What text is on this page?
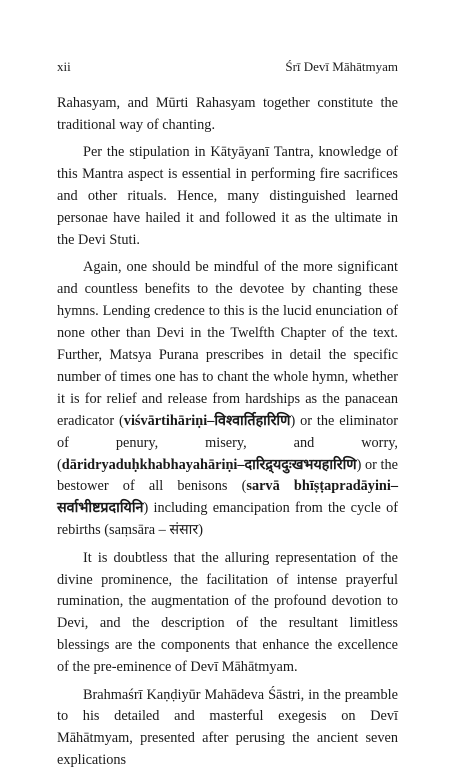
xii	Śrī Devī Māhātmyam

Rahasyam, and Mūrti Rahasyam together constitute the traditional way of chanting.

Per the stipulation in Kātyāyanī Tantra, knowledge of this Mantra aspect is essential in performing fire sacrifices and other rituals. Hence, many distinguished learned personae have hailed it and followed it as the ultimate in the Devi Stuti.

Again, one should be mindful of the more significant and countless benefits to the devotee by chanting these hymns. Lending credence to this is the lucid enunciation of none other than Devi in the Twelfth Chapter of the text. Further, Matsya Purana prescribes in detail the specific number of times one has to chant the whole hymn, whether it is for relief and release from hardships as the panacean eradicator (viśvārtihāriṇi–विश्वार्तिहारिणि) or the eliminator of penury, misery, and worry, (dāridryaduḥkhabhayahāriṇi–दारिद्र्यदुःखभयहारिणि) or the bestower of all benisons (sarvā bhīṣṭapradāyini–सर्वाभीष्टप्रदायिनि) including emancipation from the cycle of rebirths (saṃsāra – संसार)

It is doubtless that the alluring representation of the divine prominence, the facilitation of intense prayerful rumination, the augmentation of the profound devotion to Devi, and the description of the resultant limitless blessings are the components that enhance the excellence of the pre-eminence of Devī Māhātmyam.

Brahmaśrī Kaṇḍiyūr Mahādeva Śāstri, in the preamble to his detailed and masterful exegesis on Devī Māhātmyam, presented after perusing the ancient seven explications
